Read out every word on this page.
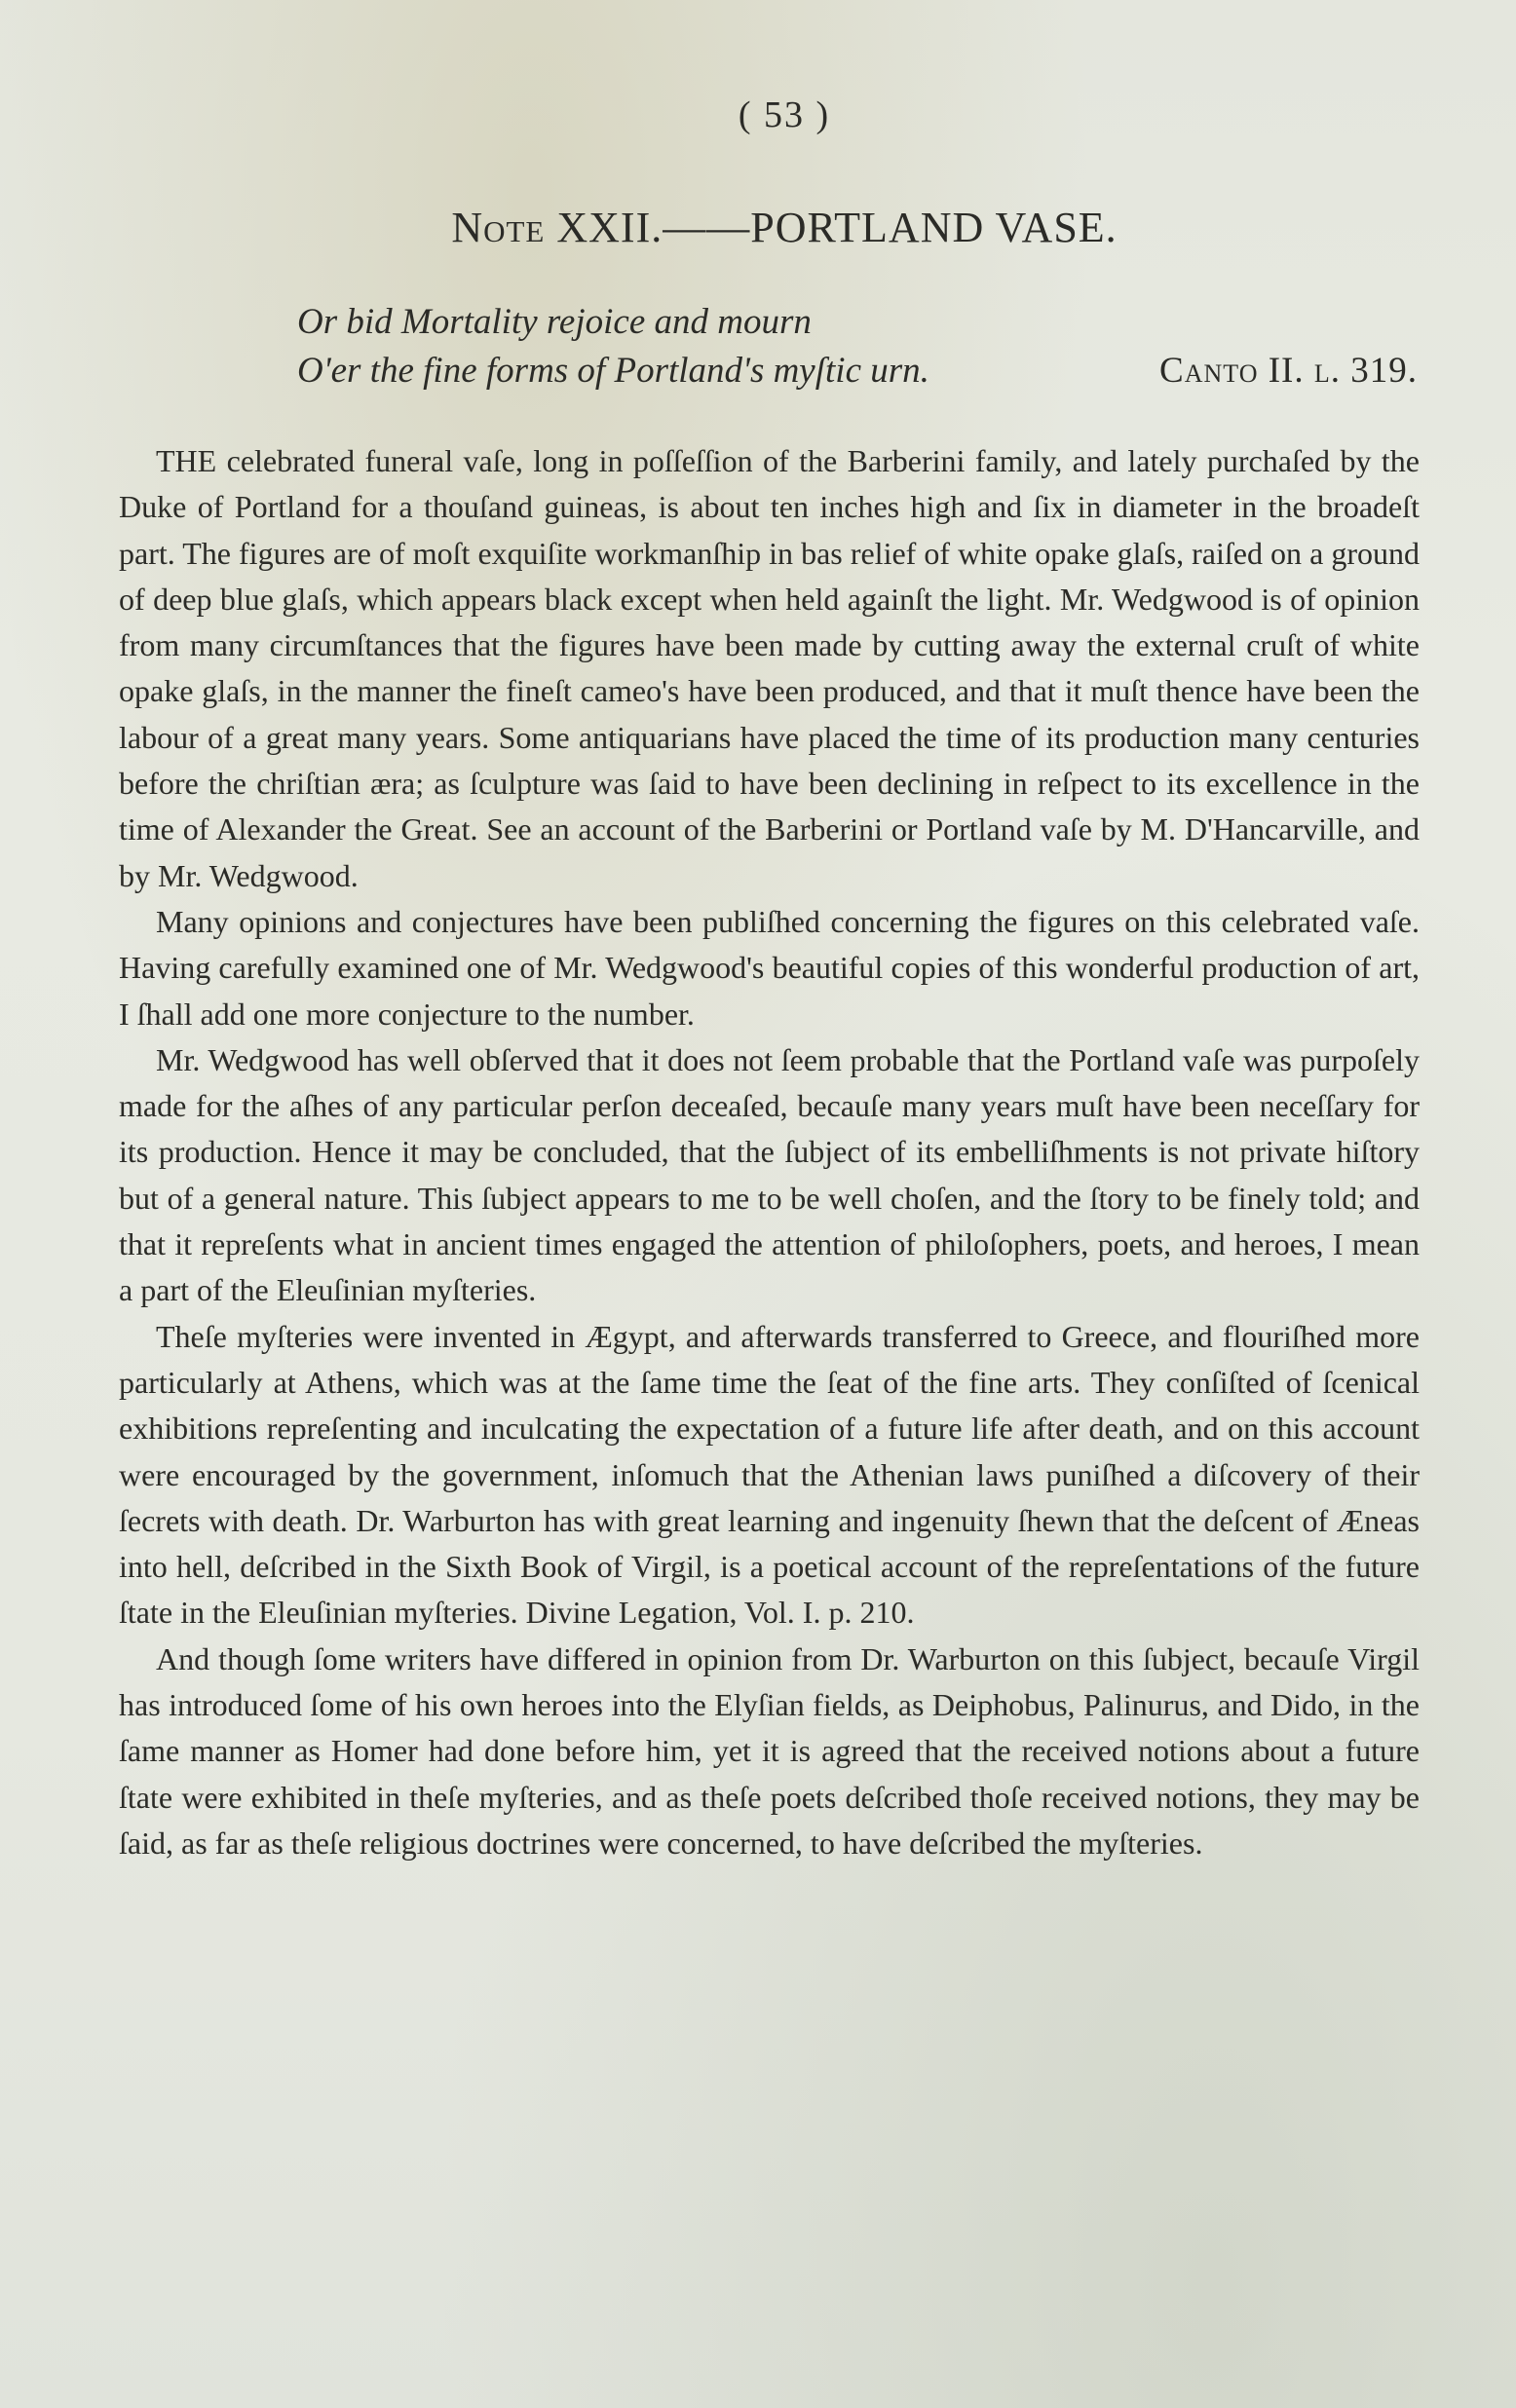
( 53 )
Note XXII.——PORTLAND VASE.
Or bid Mortality rejoice and mourn
O'er the fine forms of Portland's myſtic urn.	Canto II. l. 319.

THE celebrated funeral vaſe, long in poſſeſſion of the Barberini family, and lately purchaſed by the Duke of Portland for a thouſand guineas, is about ten inches high and ſix in diameter in the broadeſt part. The figures are of moſt exquiſite workmanſhip in bas relief of white opake glaſs, raiſed on a ground of deep blue glaſs, which appears black except when held againſt the light. Mr. Wedgwood is of opinion from many circumſtances that the figures have been made by cutting away the external cruſt of white opake glaſs, in the manner the fineſt cameo's have been produced, and that it muſt thence have been the labour of a great many years. Some antiquarians have placed the time of its production many centuries before the chriſtian æra; as ſculpture was ſaid to have been declining in reſpect to its excellence in the time of Alexander the Great. See an account of the Barberini or Portland vaſe by M. D'Hancarville, and by Mr. Wedgwood.

Many opinions and conjectures have been publiſhed concerning the figures on this celebrated vaſe. Having carefully examined one of Mr. Wedgwood's beautiful copies of this wonderful production of art, I ſhall add one more conjecture to the number.

Mr. Wedgwood has well obſerved that it does not ſeem probable that the Portland vaſe was purpoſely made for the aſhes of any particular perſon deceaſed, becauſe many years muſt have been neceſſary for its production. Hence it may be concluded, that the ſubject of its embelliſhments is not private hiſtory but of a general nature. This ſubject appears to me to be well choſen, and the ſtory to be finely told; and that it repreſents what in ancient times engaged the attention of philoſophers, poets, and heroes, I mean a part of the Eleuſinian myſteries.

Theſe myſteries were invented in Ægypt, and afterwards transferred to Greece, and flouriſhed more particularly at Athens, which was at the ſame time the ſeat of the fine arts. They conſiſted of ſcenical exhibitions repreſenting and inculcating the expectation of a future life after death, and on this account were encouraged by the government, inſomuch that the Athenian laws puniſhed a diſcovery of their ſecrets with death. Dr. Warburton has with great learning and ingenuity ſhewn that the deſcent of Æneas into hell, deſcribed in the Sixth Book of Virgil, is a poetical account of the repreſentations of the future ſtate in the Eleuſinian myſteries. Divine Legation, Vol. I. p. 210.

And though ſome writers have differed in opinion from Dr. Warburton on this ſubject, becauſe Virgil has introduced ſome of his own heroes into the Elyſian fields, as Deiphobus, Palinurus, and Dido, in the ſame manner as Homer had done before him, yet it is agreed that the received notions about a future ſtate were exhibited in theſe myſteries, and as theſe poets deſcribed thoſe received notions, they may be ſaid, as far as theſe religious doctrines were concerned, to have deſcribed the myſteries.
